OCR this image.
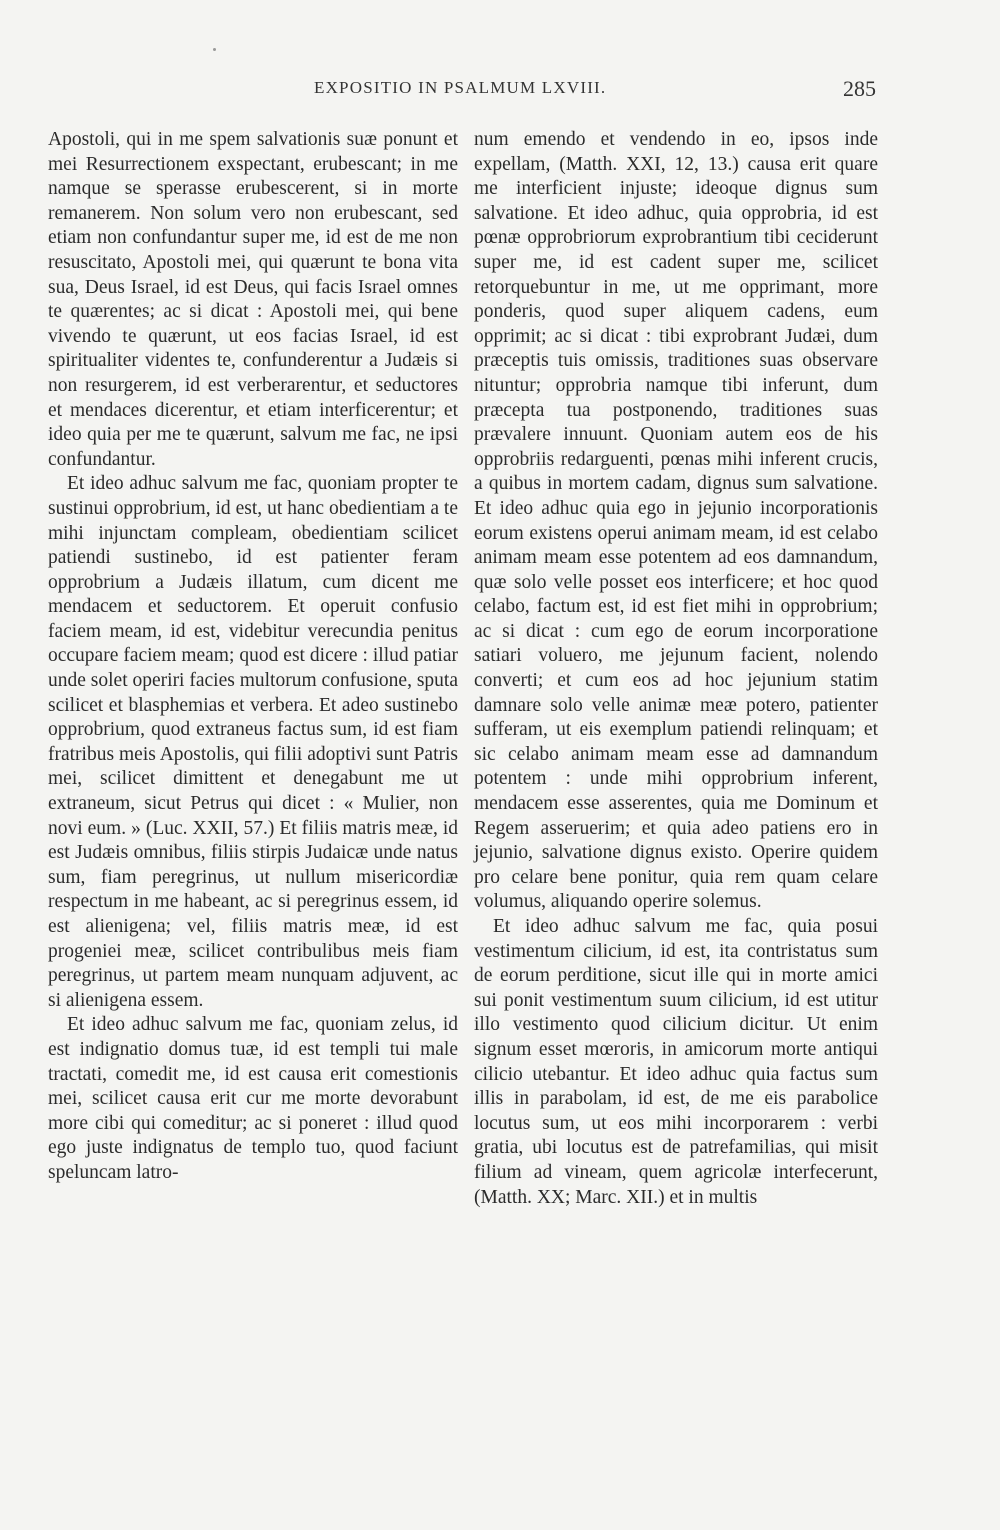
EXPOSITIO IN PSALMUM LXVIII.	285

Apostoli, qui in me spem salvationis suæ ponunt et mei Resurrectionem exspectant, erubescant; in me namque se sperasse erubescerent, si in morte remanerem. Non solum vero non erubescant, sed etiam non confundantur super me, id est de me non resuscitato, Apostoli mei, qui quærunt te bona vita sua, Deus Israel, id est Deus, qui facis Israel omnes te quærentes; ac si dicat : Apostoli mei, qui bene vivendo te quærunt, ut eos facias Israel, id est spiritualiter videntes te, confunderentur a Judæis si non resurgerem, id est verberarentur, et seductores et mendaces dicerentur, et etiam interficerentur; et ideo quia per me te quærunt, salvum me fac, ne ipsi confundantur.

Et ideo adhuc salvum me fac, quoniam propter te sustinui opprobrium, id est, ut hanc obedientiam a te mihi injunctam compleam, obedientiam scilicet patiendi sustinebo, id est patienter feram opprobrium a Judæis illatum, cum dicent me mendacem et seductorem. Et operuit confusio faciem meam, id est, videbitur verecundia penitus occupare faciem meam; quod est dicere : illud patiar unde solet operiri facies multorum confusione, sputa scilicet et blasphemias et verbera. Et adeo sustinebo opprobrium, quod extraneus factus sum, id est fiam fratribus meis Apostolis, qui filii adoptivi sunt Patris mei, scilicet dimittent et denegabunt me ut extraneum, sicut Petrus qui dicet : « Mulier, non novi eum. » (Luc. XXII, 57.) Et filiis matris meæ, id est Judæis omnibus, filiis stirpis Judaicæ unde natus sum, fiam peregrinus, ut nullum misericordiæ respectum in me habeant, ac si peregrinus essem, id est alienigena; vel, filiis matris meæ, id est progeniei meæ, scilicet contribulibus meis fiam peregrinus, ut partem meam nunquam adjuvent, ac si alienigena essem.

Et ideo adhuc salvum me fac, quoniam zelus, id est indignatio domus tuæ, id est templi tui male tractati, comedit me, id est causa erit comestionis mei, scilicet causa erit cur me morte devorabunt more cibi qui comeditur; ac si poneret : illud quod ego juste indignatus de templo tuo, quod faciunt speluncam latro-

num emendo et vendendo in eo, ipsos inde expellam, (Matth. XXI, 12, 13.) causa erit quare me interficient injuste; ideoque dignus sum salvatione. Et ideo adhuc, quia opprobria, id est pœnæ opprobriorum exprobrantium tibi ceciderunt super me, id est cadent super me, scilicet retorquebuntur in me, ut me opprimant, more ponderis, quod super aliquem cadens, eum opprimit; ac si dicat : tibi exprobrant Judæi, dum præceptis tuis omissis, traditiones suas observare nituntur; opprobria namque tibi inferunt, dum præcepta tua postponendo, traditiones suas prævalere innuunt. Quoniam autem eos de his opprobriis redarguenti, pœnas mihi inferent crucis, a quibus in mortem cadam, dignus sum salvatione. Et ideo adhuc quia ego in jejunio incorporationis eorum existens operui animam meam, id est celabo animam meam esse potentem ad eos damnandum, quæ solo velle posset eos interficere; et hoc quod celabo, factum est, id est fiet mihi in opprobrium; ac si dicat : cum ego de eorum incorporatione satiari voluero, me jejunum facient, nolendo converti; et cum eos ad hoc jejunium statim damnare solo velle animæ meæ potero, patienter sufferam, ut eis exemplum patiendi relinquam; et sic celabo animam meam esse ad damnandum potentem : unde mihi opprobrium inferent, mendacem esse asserentes, quia me Dominum et Regem asseruerim; et quia adeo patiens ero in jejunio, salvatione dignus existo. Operire quidem pro celare bene ponitur, quia rem quam celare volumus, aliquando operire solemus.

Et ideo adhuc salvum me fac, quia posui vestimentum cilicium, id est, ita contristatus sum de eorum perditione, sicut ille qui in morte amici sui ponit vestimentum suum cilicium, id est utitur illo vestimento quod cilicium dicitur. Ut enim signum esset mœroris, in amicorum morte antiqui cilicio utebantur. Et ideo adhuc quia factus sum illis in parabolam, id est, de me eis parabolice locutus sum, ut eos mihi incorporarem : verbi gratia, ubi locutus est de patrefamilias, qui misit filium ad vineam, quem agricolæ interfecerunt, (Matth. XX; Marc. XII.) et in multis
